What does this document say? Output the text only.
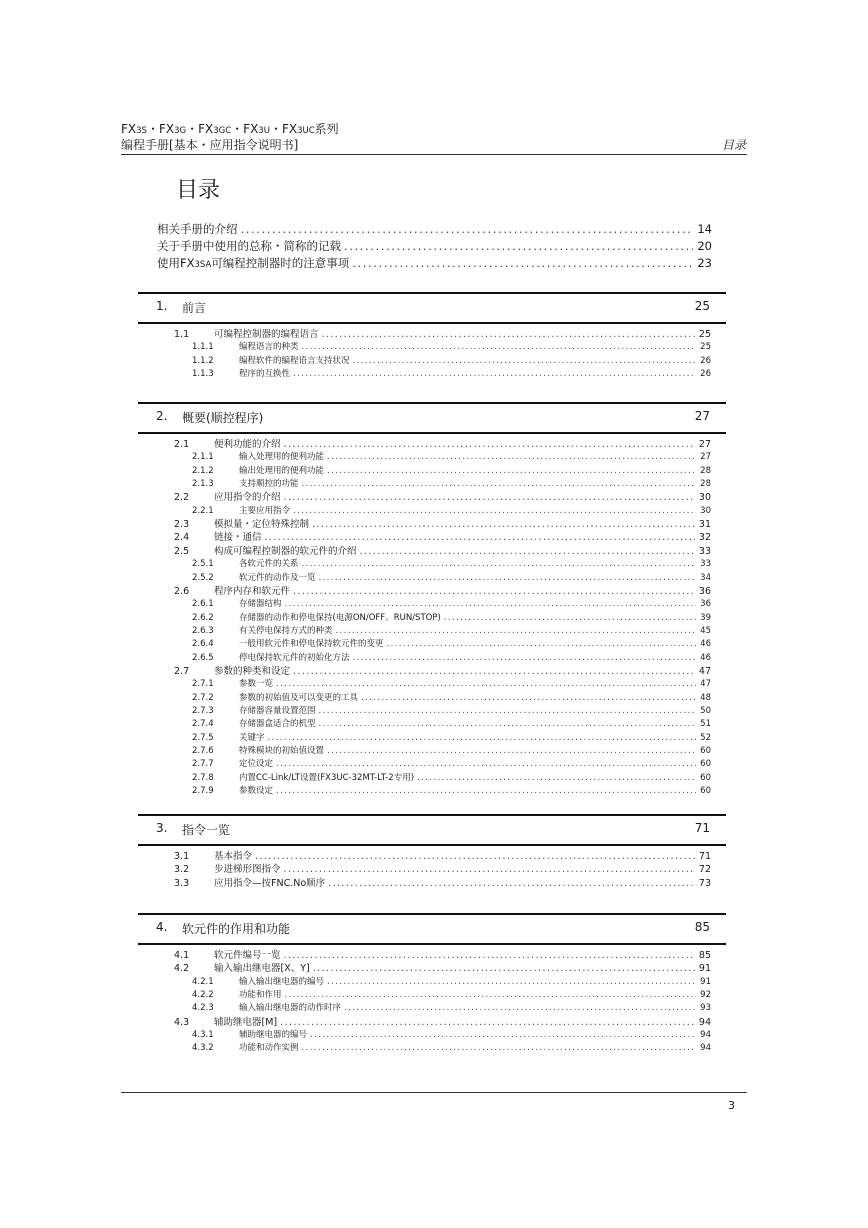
FX3S・FX3G・FX3GC・FX3U・FX3UC系列
编程手册[基本・应用指令说明书]	目录
目录
相关手册的介绍 .....	14
关于手册中使用的总称・简称的记载 .....	20
使用FX3SA可编程控制器时的注意事项 .....	23
1. 前言	25
1.1	可编程控制器的编程语言 .....	25
1.1.1	编程语言的种类 .....	25
1.1.2	编程软件的编程语言支持状况 .....	26
1.1.3	程序的互换性 .....	26
2. 概要(顺控程序)	27
2.1	便利功能的介绍 .....	27
2.1.1	输入处理用的便利功能 .....	27
2.1.2	输出处理用的便利功能 .....	28
2.1.3	支持顺控的功能 .....	28
2.2	应用指令的介绍 .....	30
2.2.1	主要应用指令 .....	30
2.3	模拟量・定位特殊控制 .....	31
2.4	链接・通信 .....	32
2.5	构成可编程控制器的软元件的介绍 .....	33
2.5.1	各软元件的关系 .....	33
2.5.2	软元件的动作及一览 .....	34
2.6	程序内存和软元件 .....	36
2.6.1	存储器结构 .....	36
2.6.2	存储器的动作和停电保持(电源ON/OFF、RUN/STOP) .....	39
2.6.3	有关停电保持方式的种类 .....	45
2.6.4	一般用软元件和停电保持软元件的变更 .....	46
2.6.5	停电保持软元件的初始化方法 .....	46
2.7	参数的种类和设定 .....	47
2.7.1	参数一览 .....	47
2.7.2	参数的初始值及可以变更的工具 .....	48
2.7.3	存储器容量设置范围 .....	50
2.7.4	存储器盒适合的机型 .....	51
2.7.5	关键字 .....	52
2.7.6	特殊模块的初始值设置 .....	60
2.7.7	定位设定 .....	60
2.7.8	内置CC-Link/LT设置(FX3UC-32MT-LT-2专用) .....	60
2.7.9	参数设定 .....	60
3. 指令一览	71
3.1	基本指令 .....	71
3.2	步进梯形图指令 .....	72
3.3	应用指令—按FNC.No顺序 .....	73
4. 软元件的作用和功能	85
4.1	软元件编号一览 .....	85
4.2	输入输出继电器[X、Y] .....	91
4.2.1	输入输出继电器的编号 .....	91
4.2.2	功能和作用 .....	92
4.2.3	输入输出继电器的动作时序 .....	93
4.3	辅助继电器[M] .....	94
4.3.1	辅助继电器的编号 .....	94
4.3.2	功能和动作实例 .....	94
3
